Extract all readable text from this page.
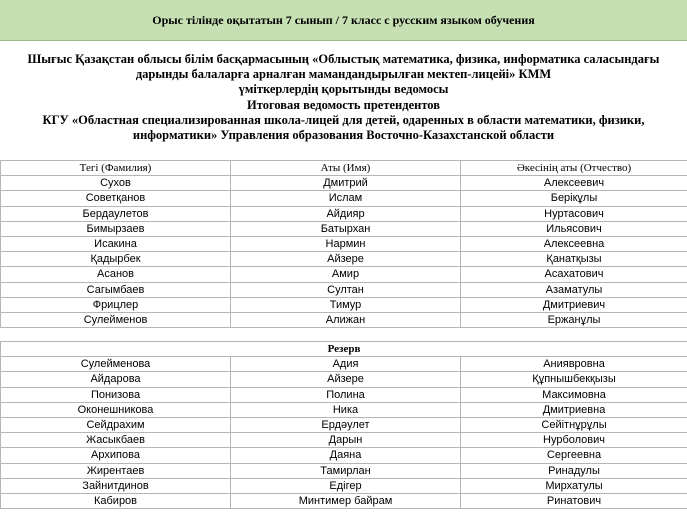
Орыс тілінде оқытатын 7 сынып / 7 класс с русским языком обучения
Шығыс Қазақстан облысы білім басқармасының «Облыстық математика, физика, информатика саласындағы дарынды балаларға арналған мамандандырылған мектеп-лицейі» КММ
үміткерлердің қорытынды ведомосы
Итоговая ведомость претендентов
КГУ «Областная специализированная школа-лицей для детей, одаренных в области математики, физики, информатики» Управления образования Восточно-Казахстанской области
Тегі (Фамилия)	Аты (Имя)	Әкесінің аты (Отчество)
Сухов	Дмитрий	Алексеевич
Советқанов	Ислам	Берікұлы
Бердаулетов	Айдияр	Нуртасович
Бимырзаев	Батырхан	Ильясович
Исакина	Нармин	Алексеевна
Қадырбек	Айзере	Қанатқызы
Асанов	Амир	Асахатович
Сагымбаев	Султан	Азаматулы
Фрицлер	Тимур	Дмитриевич
Сулейменов	Алижан	Ержанұлы
Резерв		
Сулейменова	Адия	Аниявровна
Айдарова	Айзере	Құпнышбекқызы
Понизова	Полина	Максимовна
Оконешникова	Ника	Дмитриевна
Сейдрахим	Ердәулет	Сейітнұрұлы
Жасыкбаев	Дарын	Нурболович
Архипова	Даяна	Сергеевна
Жирентаев	Тамирлан	Ринадулы
Зайнитдинов	Едігер	Мирхатулы
Кабиров	Минтимер байрам	Ринатович
